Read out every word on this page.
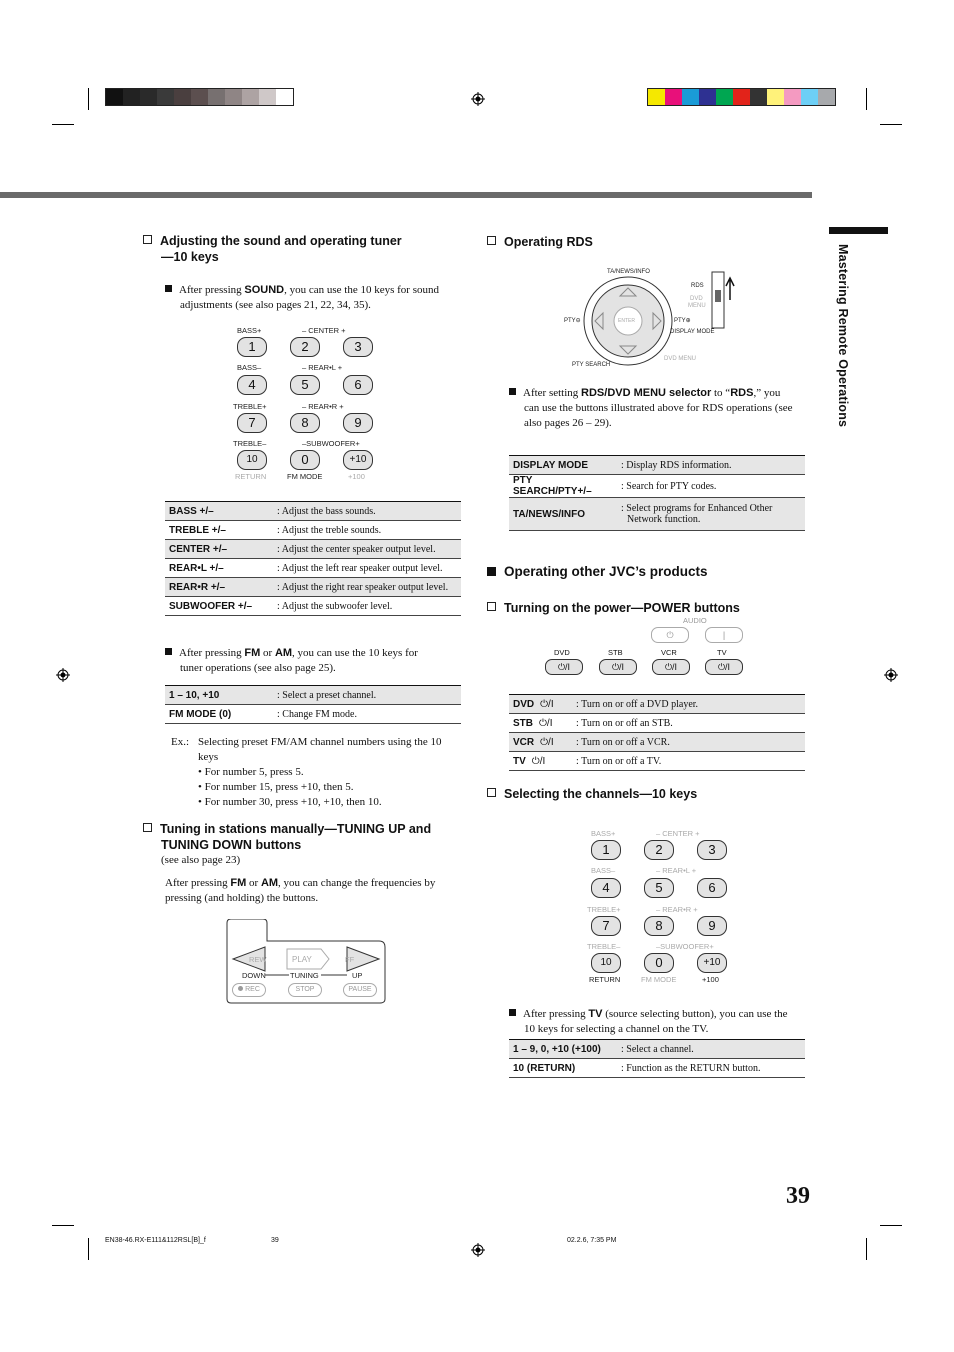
Mastering Remote Operations
Adjusting the sound and operating tuner
—10 keys
After pressing SOUND, you can use the 10 keys for sound
adjustments (see also pages 21, 22, 34, 35).
BASS+	– CENTER +
1	2	3
BASS–	– REAR•L +
4	5	6
TREBLE+	– REAR•R +
7	8	9
TREBLE–	–SUBWOOFER+
10	0	+10
RETURN	FM MODE	+100
BASS +/–	: Adjust the bass sounds.
TREBLE +/–	: Adjust the treble sounds.
CENTER +/–	: Adjust the center speaker output level.
REAR•L +/–	: Adjust the left rear speaker output level.
REAR•R +/–	: Adjust the right rear speaker output level.
SUBWOOFER +/–	: Adjust the subwoofer level.
After pressing FM or AM, you can use the 10 keys for
tuner operations (see also page 25).
1 – 10, +10	: Select a preset channel.
FM MODE (0)	: Change FM mode.
Ex.: Selecting preset FM/AM channel numbers using the 10
keys
• For number 5, press 5.
• For number 15, press +10, then 5.
• For number 30, press +10, +10, then 10.
Tuning in stations manually—TUNING UP and
TUNING DOWN buttons
(see also page 23)
After pressing FM or AM, you can change the frequencies by
pressing (and holding) the buttons.
REW	PLAY	FF
DOWN	TUNING	UP
REC	STOP	PAUSE
Operating RDS
TA/NEWS/INFO
RDS
DVD
MENU
PTY⊖	PTY⊕
ENTER
DISPLAY MODE
PTY SEARCH
DVD MENU
After setting RDS/DVD MENU selector to “RDS,” you
can use the buttons illustrated above for RDS operations (see
also pages 26 – 29).
DISPLAY MODE	: Display RDS information.
PTY SEARCH/PTY+/–	: Search for PTY codes.
TA/NEWS/INFO	: Select programs for Enhanced Other
Network function.
Operating other JVC’s products
Turning on the power—POWER buttons
AUDIO
⏻	|
DVD	STB	VCR	TV
⏻/I	⏻/I	⏻/I	⏻/I
DVD ⏻/I	: Turn on or off a DVD player.
STB ⏻/I	: Turn on or off an STB.
VCR ⏻/I	: Turn on or off a VCR.
TV ⏻/I	: Turn on or off a TV.
Selecting the channels—10 keys
BASS+	– CENTER +
1	2	3
BASS–	– REAR•L +
4	5	6
TREBLE+	– REAR•R +
7	8	9
TREBLE–	–SUBWOOFER+
10	0	+10
RETURN	FM MODE	+100
After pressing TV (source selecting button), you can use the
10 keys for selecting a channel on the TV.
1 – 9, 0, +10 (+100)	: Select a channel.
10 (RETURN)	: Function as the RETURN button.
39
EN38-46.RX-E111&112RSL[B]_f	39	02.2.6, 7:35 PM
